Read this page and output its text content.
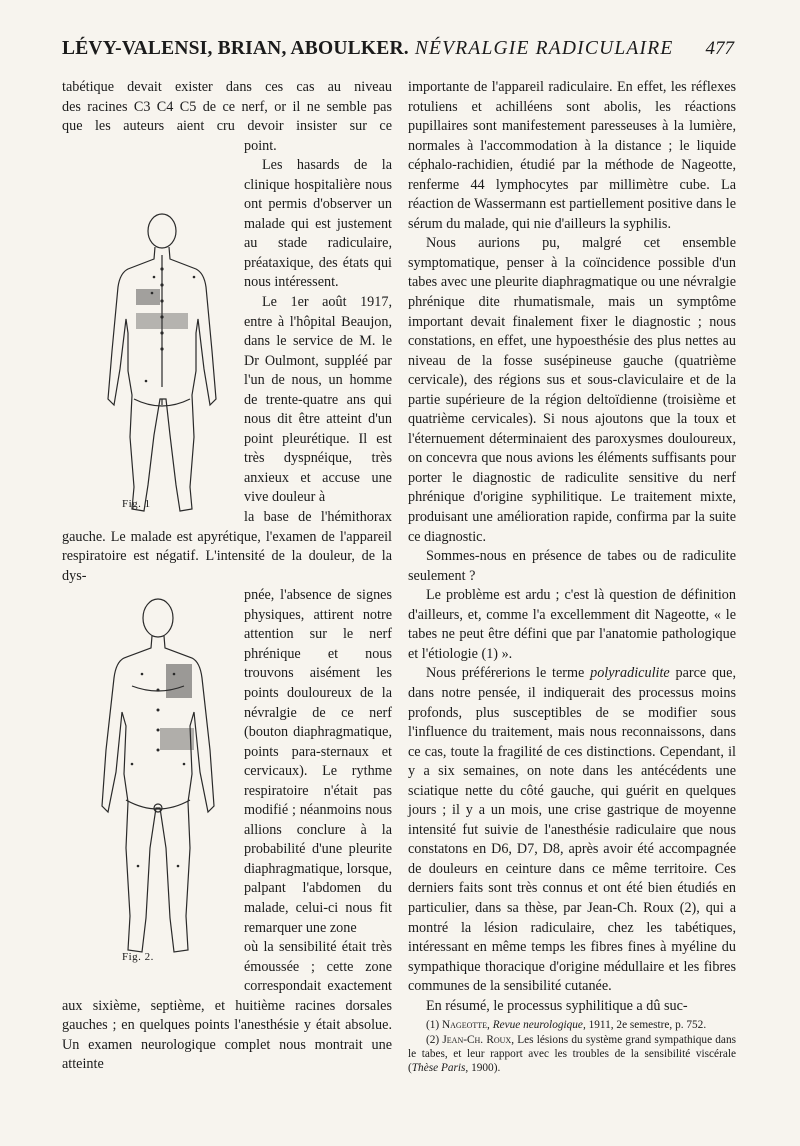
LÉVY-VALENSI, BRIAN, ABOULKER. NÉVRALGIE RADICULAIRE 477

tabétique devait exister dans ces cas au niveau

des racines C3 C4 C5 de ce nerf, or il ne semble pas

que les auteurs aient cru devoir insister sur ce

Fig. 1

point.

Les hasards de la clinique hospitalière nous ont permis d'observer un malade qui est justement au stade radiculaire, préataxique, des états qui nous intéressent.

Le 1er août 1917, entre à l'hôpital Beaujon, dans le service de M. le Dr Oulmont, suppléé par l'un de nous, un homme de trente-quatre ans qui nous dit être atteint d'un point pleurétique. Il est très dyspnéique, très anxieux et accuse une vive douleur à

la base de l'hémithorax gauche. Le malade est apyrétique, l'examen de l'appareil respiratoire est négatif. L'intensité de la douleur, de la dys-

Fig. 2.

pnée, l'absence de signes physiques, attirent notre attention sur le nerf phrénique et nous trouvons aisément les points douloureux de la névralgie de ce nerf (bouton diaphragmatique, points para-sternaux et cervicaux). Le rythme respiratoire n'était pas modifié ; néanmoins nous allions conclure à la probabilité d'une pleurite diaphragmatique, lorsque, palpant l'abdomen du malade, celui-ci nous fit remarquer une zone

où la sensibilité était très émoussée ; cette zone correspondait exactement aux sixième, septième, et huitième racines dorsales gauches ; en quelques points l'anesthésie y était absolue. Un examen neurologique complet nous montrait une atteinte

importante de l'appareil radiculaire. En effet, les réflexes rotuliens et achilléens sont abolis, les réactions pupillaires sont manifestement paresseuses à la lumière, normales à l'accommodation à la distance ; le liquide céphalo-rachidien, étudié par la méthode de Nageotte, renferme 44 lymphocytes par millimètre cube. La réaction de Wassermann est partiellement positive dans le sérum du malade, qui nie d'ailleurs la syphilis.

Nous aurions pu, malgré cet ensemble symptomatique, penser à la coïncidence possible d'un tabes avec une pleurite diaphragmatique ou une névralgie phrénique dite rhumatismale, mais un symptôme important devait finalement fixer le diagnostic ; nous constations, en effet, une hypoesthésie des plus nettes au niveau de la fosse susépineuse gauche (quatrième cervicale), des régions sus et sous-claviculaire et de la partie supérieure de la région deltoïdienne (troisième et quatrième cervicales). Si nous ajoutons que la toux et l'éternuement déterminaient des paroxysmes douloureux, on concevra que nous avions les éléments suffisants pour porter le diagnostic de radiculite sensitive du nerf phrénique d'origine syphilitique. Le traitement mixte, produisant une amélioration rapide, confirma par la suite ce diagnostic.

Sommes-nous en présence de tabes ou de radiculite seulement ?

Le problème est ardu ; c'est là question de définition d'ailleurs, et, comme l'a excellemment dit Nageotte, « le tabes ne peut être défini que par l'anatomie pathologique et l'étiologie (1) ».

Nous préférerions le terme polyradiculite parce que, dans notre pensée, il indiquerait des processus moins profonds, plus susceptibles de se modifier sous l'influence du traitement, mais nous reconnaissons, dans ce cas, toute la fragilité de ces distinctions. Cependant, il y a six semaines, on note dans les antécédents une sciatique nette du côté gauche, qui guérit en quelques jours ; il y a un mois, une crise gastrique de moyenne intensité fut suivie de l'anesthésie radiculaire que nous constatons en D6, D7, D8, après avoir été accompagnée de douleurs en ceinture dans ce même territoire. Ces derniers faits sont très connus et ont été bien étudiés en particulier, dans sa thèse, par Jean-Ch. Roux (2), qui a montré la lésion radiculaire, chez les tabétiques, intéressant en même temps les fibres fines à myéline du sympathique thoracique d'origine médullaire et les fibres communes de la sensibilité cutanée.

En résumé, le processus syphilitique a dû suc-

(1) Nageotte, Revue neurologique, 1911, 2e semestre, p. 752.

(2) Jean-Ch. Roux, Les lésions du système grand sympathique dans le tabes, et leur rapport avec les troubles de la sensibilité viscérale (Thèse Paris, 1900).
